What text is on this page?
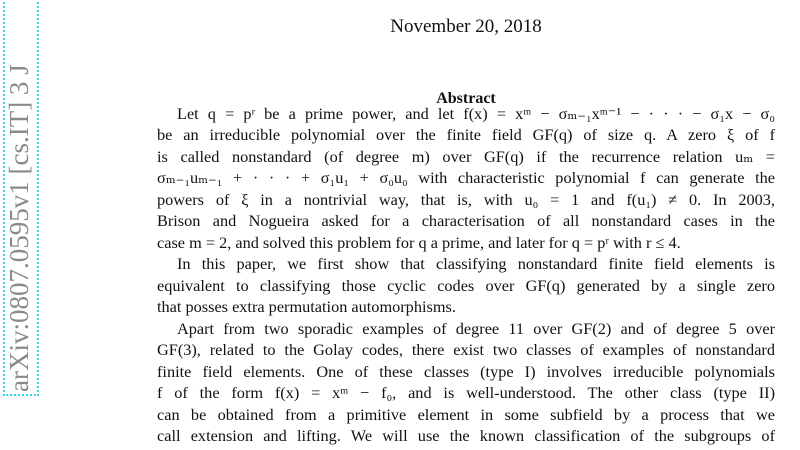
arXiv:0807.0595v1 [cs.IT] 3 J
November 20, 2018
Abstract
Let q = pʳ be a prime power, and let f(x) = xᵐ − σₘ₋₁xᵐ⁻¹ − · · · − σ₁x − σ₀
be an irreducible polynomial over the finite field GF(q) of size q. A zero ξ of f
is called nonstandard (of degree m) over GF(q) if the recurrence relation uₘ =
σₘ₋₁uₘ₋₁ + · · · + σ₁u₁ + σ₀u₀ with characteristic polynomial f can generate the
powers of ξ in a nontrivial way, that is, with u₀ = 1 and f(u₁) ≠ 0. In 2003,
Brison and Nogueira asked for a characterisation of all nonstandard cases in the
case m = 2, and solved this problem for q a prime, and later for q = pʳ with r ≤ 4.
In this paper, we first show that classifying nonstandard finite field elements is
equivalent to classifying those cyclic codes over GF(q) generated by a single zero
that posses extra permutation automorphisms.
Apart from two sporadic examples of degree 11 over GF(2) and of degree 5 over
GF(3), related to the Golay codes, there exist two classes of examples of nonstandard
finite field elements. One of these classes (type I) involves irreducible polynomials
f of the form f(x) = xᵐ − f₀, and is well-understood. The other class (type II)
can be obtained from a primitive element in some subfield by a process that we
call extension and lifting. We will use the known classification of the subgroups of
